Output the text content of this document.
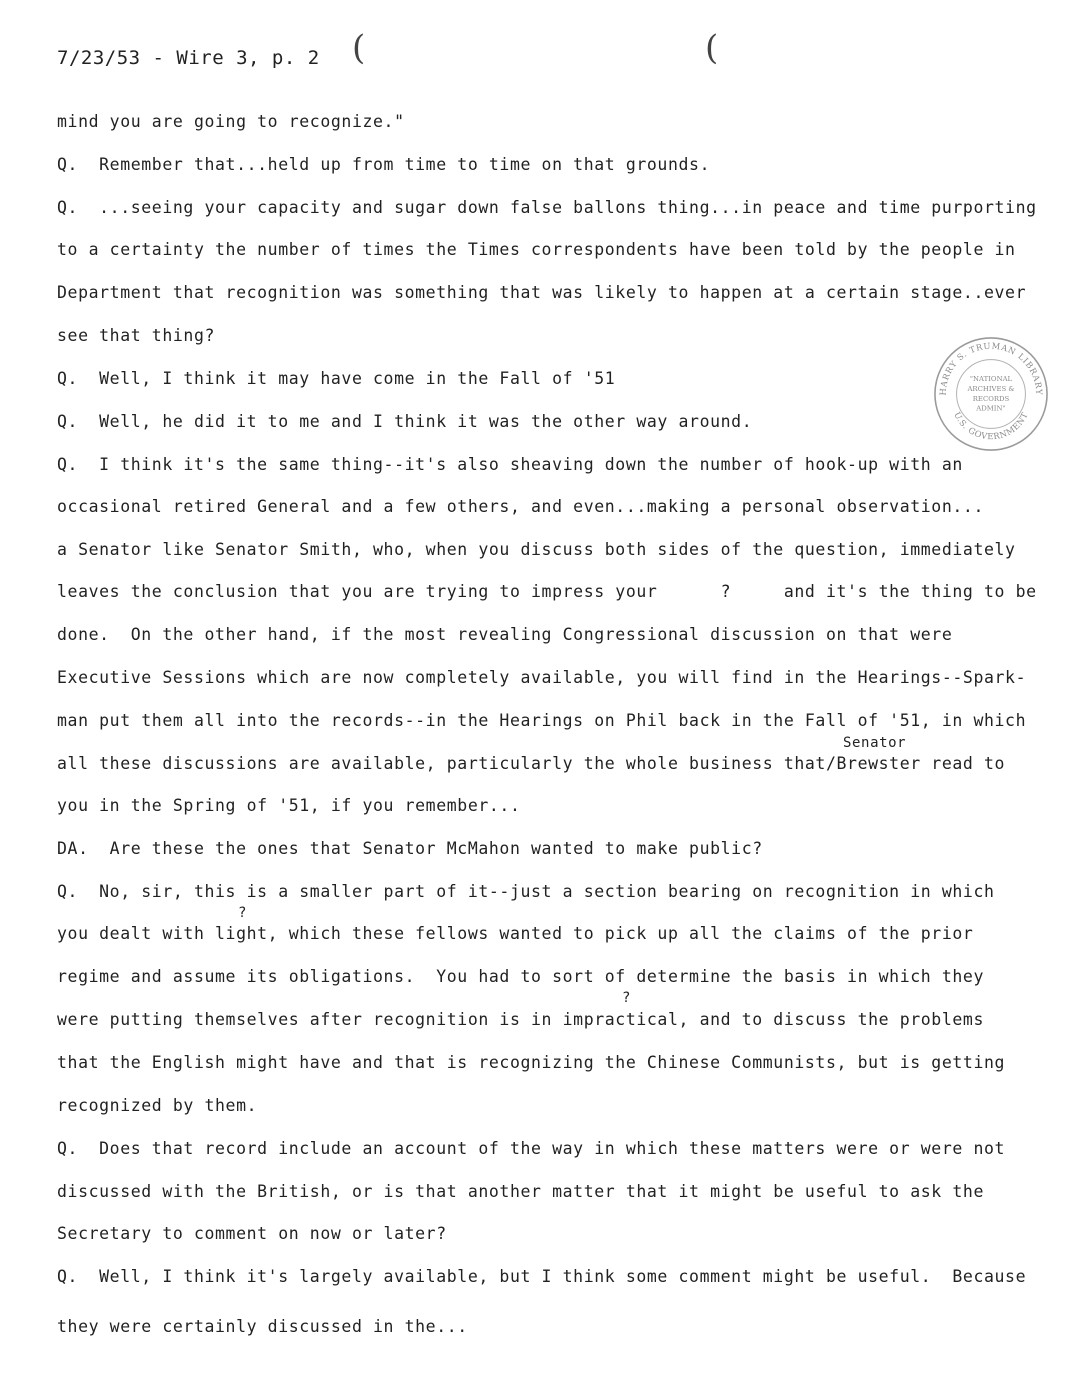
(	(
7/23/53 - Wire 3, p. 2
mind you are going to recognize."
Q.  Remember that...held up from time to time on that grounds.
Q.  ...seeing your capacity and sugar down false ballons thing...in peace and time purporting
to a certainty the number of times the Times correspondents have been told by the people in
Department that recognition was something that was likely to happen at a certain stage..ever
see that thing?
Q.  Well, I think it may have come in the Fall of '51
Q.  Well, he did it to me and I think it was the other way around.
Q.  I think it's the same thing--it's also sheaving down the number of hook-up with an
occasional retired General and a few others, and even...making a personal observation...
a Senator like Senator Smith, who, when you discuss both sides of the question, immediately
leaves the conclusion that you are trying to impress your      ?     and it's the thing to be
done.  On the other hand, if the most revealing Congressional discussion on that were
Executive Sessions which are now completely available, you will find in the Hearings--Spark-
man put them all into the records--in the Hearings on Phil back in the Fall of '51, in which
Senator
all these discussions are available, particularly the whole business that/Brewster read to
you in the Spring of '51, if you remember...
DA.  Are these the ones that Senator McMahon wanted to make public?
Q.  No, sir, this is a smaller part of it--just a section bearing on recognition in which
?
you dealt with light, which these fellows wanted to pick up all the claims of the prior
regime and assume its obligations.  You had to sort of determine the basis in which they
?
were putting themselves after recognition is in impractical, and to discuss the problems
that the English might have and that is recognizing the Chinese Communists, but is getting
recognized by them.
Q.  Does that record include an account of the way in which these matters were or were not
discussed with the British, or is that another matter that it might be useful to ask the
Secretary to comment on now or later?
Q.  Well, I think it's largely available, but I think some comment might be useful.  Because
they were certainly discussed in the...
HARRY S. TRUMAN LIBRARY
U.S. GOVERNMENT
"NATIONAL
ARCHIVES &
RECORDS
ADMIN"
